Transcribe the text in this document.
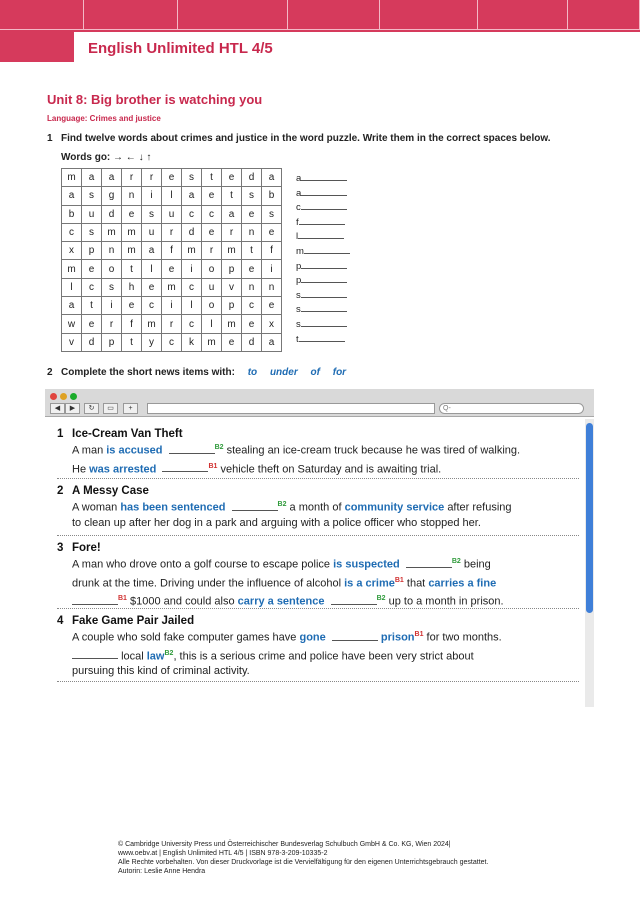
English Unlimited HTL 4/5
Unit 8: Big brother is watching you
Language: Crimes and justice
1 Find twelve words about crimes and justice in the word puzzle. Write them in the correct spaces below.
Words go: → ← ↓ ↑
m	a	a	r	r	e	s	t	e	d	a
a	s	g	n	i	l	a	e	t	s	b
b	u	d	e	s	u	c	c	a	e	s
c	s	m	m	u	r	d	e	r	n	e
x	p	n	m	a	f	m	r	m	t	f
m	e	o	t	l	e	i	o	p	e	i
l	c	s	h	e	m	c	u	v	n	n
a	t	i	e	c	i	l	o	p	c	e
w	e	r	f	m	r	c	l	m	e	x
v	d	p	t	y	c	k	m	e	d	a
a
a
c
f
l
m
p
p
s
s
s
t
2 Complete the short news items with: to under of for
◀	▶	↻	▭	+	Q-
1 Ice-Cream Van Theft
A man is accused	$^{B2}$ stealing an ice-cream truck because he was tired of walking.
He was arrested	$^{B1}$ vehicle theft on Saturday and is awaiting trial.
2 A Messy Case
A woman has been sentenced	$^{B2}$ a month of community service after refusing
to clean up after her dog in a park and arguing with a police officer who stopped her.
3 Fore!
A man who drove onto a golf course to escape police is suspected	$^{B2}$ being
drunk at the time. Driving under the influence of alcohol is a crime$^{B1}$ that carries a fine
$^{B1}$ $1000 and could also carry a sentence	$^{B2}$ up to a month in prison.
4 Fake Game Pair Jailed
A couple who sold fake computer games have gone	prison$^{B1}$ for two months.
local law$^{B2}$, this is a serious crime and police have been very strict about
pursuing this kind of criminal activity.
© Cambridge University Press und Österreichischer Bundesverlag Schulbuch GmbH & Co. KG, Wien 2024|
www.oebv.at | English Unlimited HTL 4/5 | ISBN 978-3-209-10335-2
Alle Rechte vorbehalten. Von dieser Druckvorlage ist die Vervielfältigung für den eigenen Unterrichtsgebrauch gestattet.
Autorin: Leslie Anne Hendra
